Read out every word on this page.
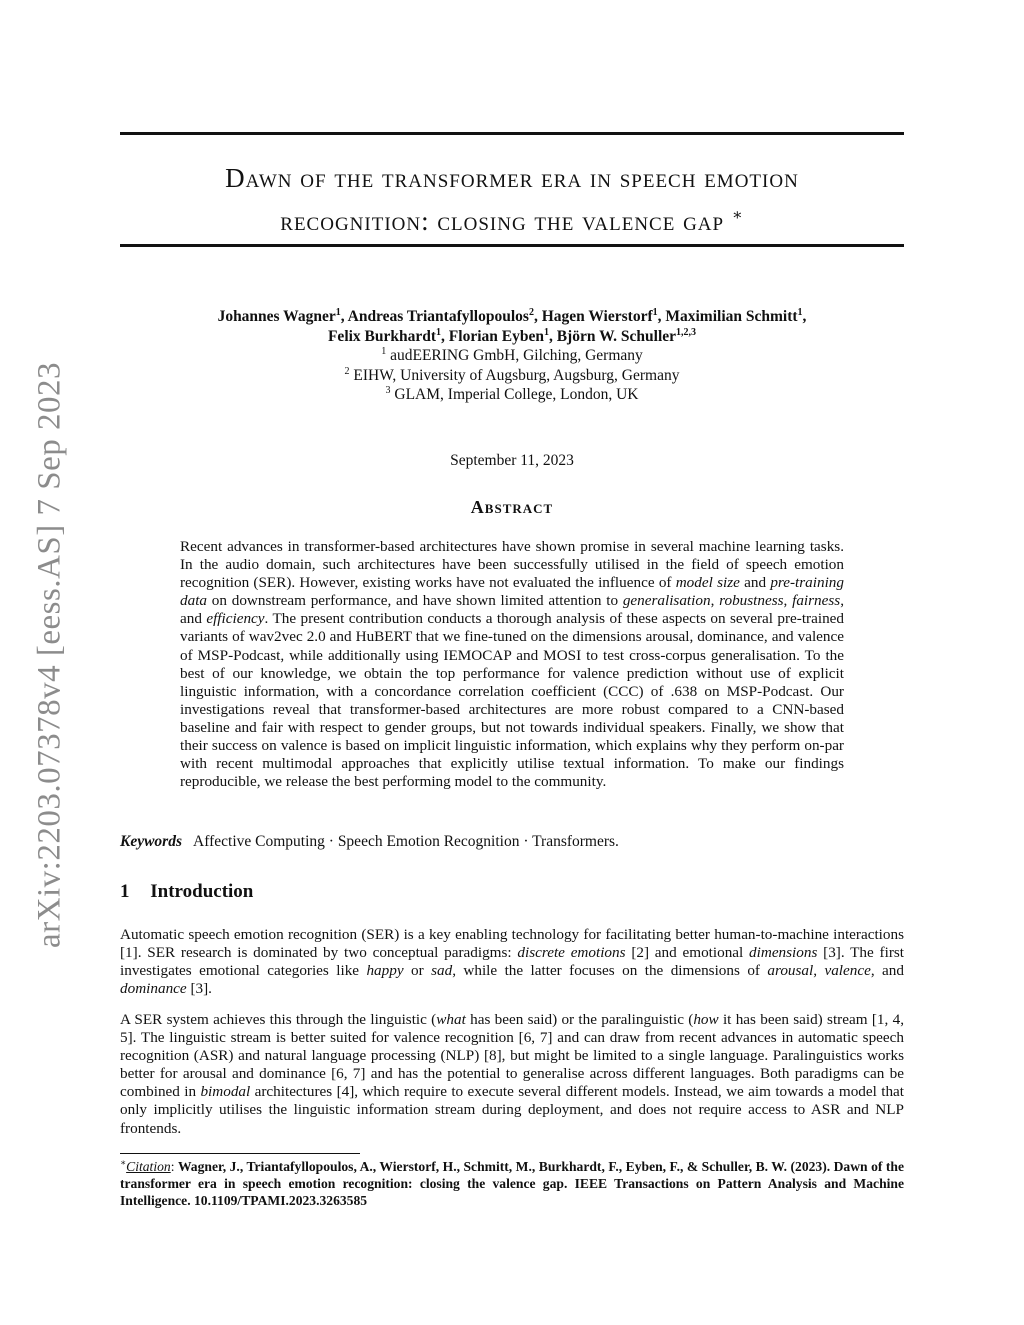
arXiv:2203.07378v4 [eess.AS] 7 Sep 2023
Dawn of the transformer era in speech emotion
recognition: closing the valence gap ∗
Johannes Wagner$^1$, Andreas Triantafyllopoulos$^2$, Hagen Wierstorf$^1$, Maximilian Schmitt$^1$,
Felix Burkhardt$^1$, Florian Eyben$^1$, Björn W. Schuller$^{1,2,3}$
$^1$ audEERING GmbH, Gilching, Germany
$^2$ EIHW, University of Augsburg, Augsburg, Germany
$^3$ GLAM, Imperial College, London, UK
September 11, 2023
Abstract
Recent advances in transformer-based architectures have shown promise in several machine learning tasks. In the audio domain, such architectures have been successfully utilised in the field of speech emotion recognition (SER). However, existing works have not evaluated the influence of model size and pre-training data on downstream performance, and have shown limited attention to generalisation, robustness, fairness, and efficiency. The present contribution conducts a thorough analysis of these aspects on several pre-trained variants of wav2vec 2.0 and HuBERT that we fine-tuned on the dimensions arousal, dominance, and valence of MSP-Podcast, while additionally using IEMOCAP and MOSI to test cross-corpus generalisation. To the best of our knowledge, we obtain the top performance for valence prediction without use of explicit linguistic information, with a concordance correlation coefficient (CCC) of .638 on MSP-Podcast. Our investigations reveal that transformer-based architectures are more robust compared to a CNN-based baseline and fair with respect to gender groups, but not towards individual speakers. Finally, we show that their success on valence is based on implicit linguistic information, which explains why they perform on-par with recent multimodal approaches that explicitly utilise textual information. To make our findings reproducible, we release the best performing model to the community.
Keywords Affective Computing · Speech Emotion Recognition · Transformers.
1 Introduction
Automatic speech emotion recognition (SER) is a key enabling technology for facilitating better human-to-machine interactions [1]. SER research is dominated by two conceptual paradigms: discrete emotions [2] and emotional dimensions [3]. The first investigates emotional categories like happy or sad, while the latter focuses on the dimensions of arousal, valence, and dominance [3].
A SER system achieves this through the linguistic (what has been said) or the paralinguistic (how it has been said) stream [1, 4, 5]. The linguistic stream is better suited for valence recognition [6, 7] and can draw from recent advances in automatic speech recognition (ASR) and natural language processing (NLP) [8], but might be limited to a single language. Paralinguistics works better for arousal and dominance [6, 7] and has the potential to generalise across different languages. Both paradigms can be combined in bimodal architectures [4], which require to execute several different models. Instead, we aim towards a model that only implicitly utilises the linguistic information stream during deployment, and does not require access to ASR and NLP frontends.
∗Citation: Wagner, J., Triantafyllopoulos, A., Wierstorf, H., Schmitt, M., Burkhardt, F., Eyben, F., & Schuller, B. W. (2023). Dawn of the transformer era in speech emotion recognition: closing the valence gap. IEEE Transactions on Pattern Analysis and Machine Intelligence. 10.1109/TPAMI.2023.3263585
